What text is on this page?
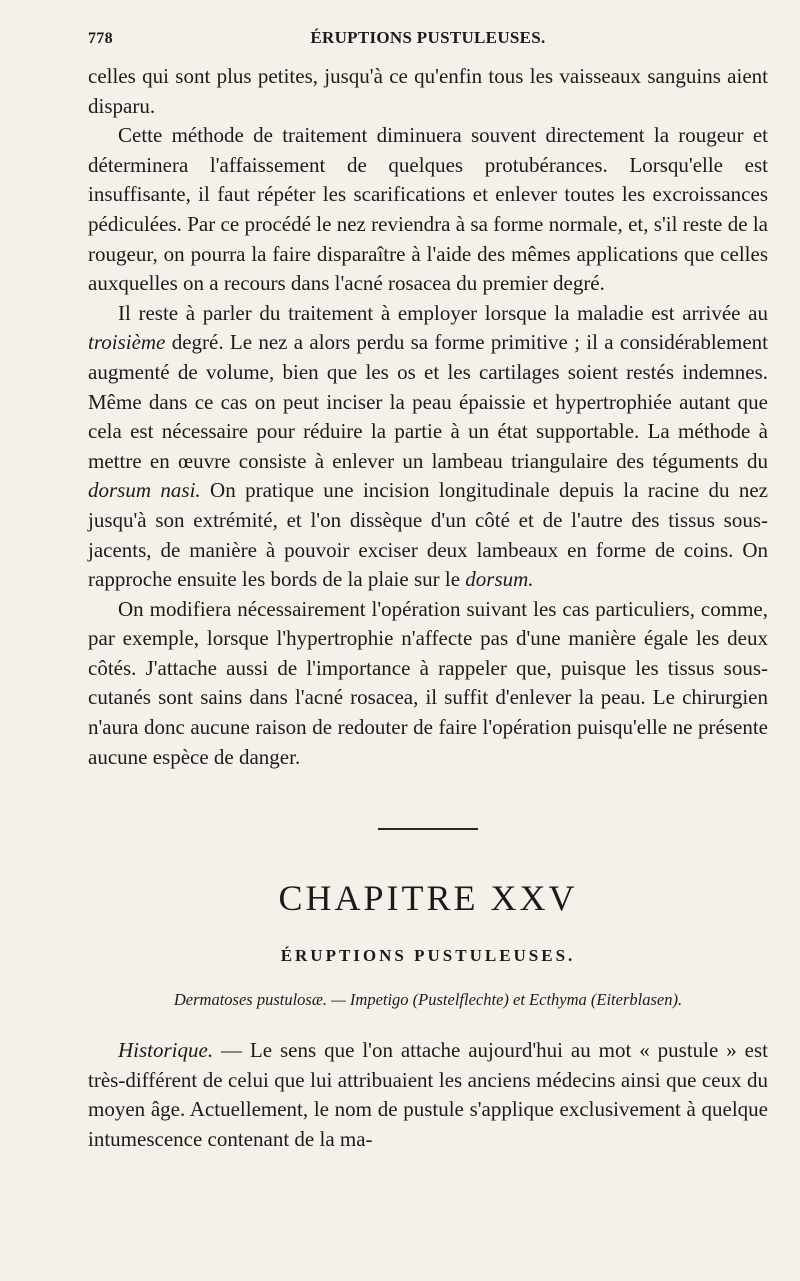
778	ÉRUPTIONS PUSTULEUSES.

celles qui sont plus petites, jusqu'à ce qu'enfin tous les vaisseaux sanguins aient disparu.

Cette méthode de traitement diminuera souvent directement la rougeur et déterminera l'affaissement de quelques protubérances. Lorsqu'elle est insuffisante, il faut répéter les scarifications et enlever toutes les excroissances pédiculées. Par ce procédé le nez reviendra à sa forme normale, et, s'il reste de la rougeur, on pourra la faire disparaître à l'aide des mêmes applications que celles auxquelles on a recours dans l'acné rosacea du premier degré.

Il reste à parler du traitement à employer lorsque la maladie est arrivée au troisième degré. Le nez a alors perdu sa forme primitive ; il a considérablement augmenté de volume, bien que les os et les cartilages soient restés indemnes. Même dans ce cas on peut inciser la peau épaissie et hypertrophiée autant que cela est nécessaire pour réduire la partie à un état supportable. La méthode à mettre en œuvre consiste à enlever un lambeau triangulaire des téguments du dorsum nasi. On pratique une incision longitudinale depuis la racine du nez jusqu'à son extrémité, et l'on dissèque d'un côté et de l'autre des tissus sous-jacents, de manière à pouvoir exciser deux lambeaux en forme de coins. On rapproche ensuite les bords de la plaie sur le dorsum.

On modifiera nécessairement l'opération suivant les cas particuliers, comme, par exemple, lorsque l'hypertrophie n'affecte pas d'une manière égale les deux côtés. J'attache aussi de l'importance à rappeler que, puisque les tissus sous-cutanés sont sains dans l'acné rosacea, il suffit d'enlever la peau. Le chirurgien n'aura donc aucune raison de redouter de faire l'opération puisqu'elle ne présente aucune espèce de danger.

CHAPITRE XXV
ÉRUPTIONS PUSTULEUSES.
Dermatoses pustulosæ. — Impetigo (Pustelflechte) et Ecthyma (Eiterblasen).
Historique. — Le sens que l'on attache aujourd'hui au mot « pustule » est très-différent de celui que lui attribuaient les anciens médecins ainsi que ceux du moyen âge. Actuellement, le nom de pustule s'applique exclusivement à quelque intumescence contenant de la ma-
